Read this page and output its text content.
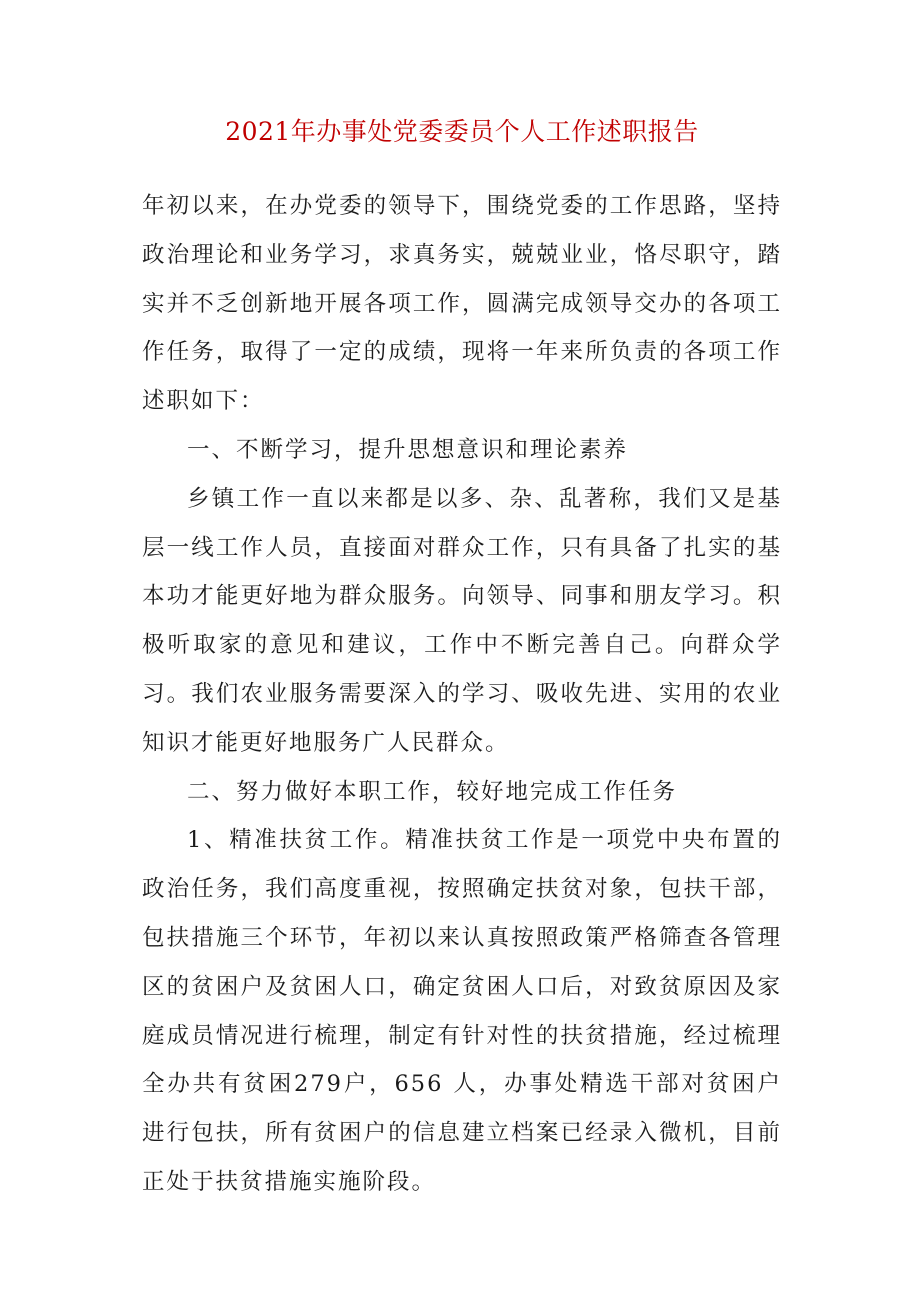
2021年办事处党委委员个人工作述职报告

年初以来，在办党委的领导下，围绕党委的工作思路，坚持政治理论和业务学习，求真务实，兢兢业业，恪尽职守，踏实并不乏创新地开展各项工作，圆满完成领导交办的各项工作任务，取得了一定的成绩，现将一年来所负责的各项工作述职如下：

一、不断学习，提升思想意识和理论素养

乡镇工作一直以来都是以多、杂、乱著称，我们又是基层一线工作人员，直接面对群众工作，只有具备了扎实的基本功才能更好地为群众服务。向领导、同事和朋友学习。积极听取家的意见和建议，工作中不断完善自己。向群众学习。我们农业服务需要深入的学习、吸收先进、实用的农业知识才能更好地服务广人民群众。

二、努力做好本职工作，较好地完成工作任务

1、精准扶贫工作。精准扶贫工作是一项党中央布置的政治任务，我们高度重视，按照确定扶贫对象，包扶干部，包扶措施三个环节，年初以来认真按照政策严格筛查各管理区的贫困户及贫困人口，确定贫困人口后，对致贫原因及家庭成员情况进行梳理，制定有针对性的扶贫措施，经过梳理全办共有贫困279户，656 人，办事处精选干部对贫困户进行包扶，所有贫困户的信息建立档案已经录入微机，目前正处于扶贫措施实施阶段。
